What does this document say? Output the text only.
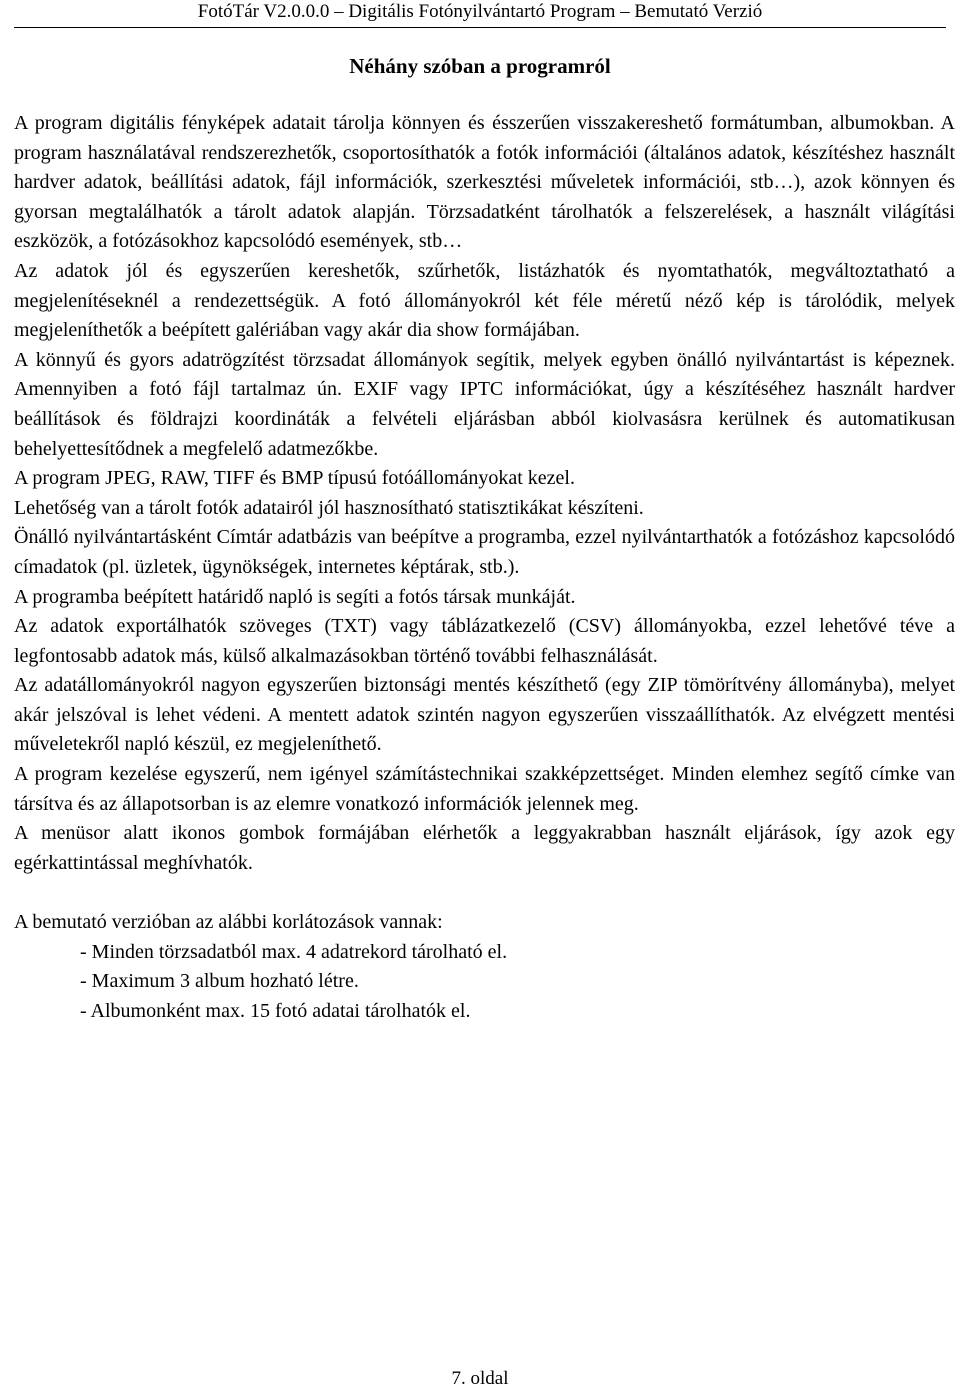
FotóTár V2.0.0.0 – Digitális Fotónyilvántartó Program – Bemutató Verzió
Néhány szóban a programról

A program digitális fényképek adatait tárolja könnyen és ésszerűen visszakereshető formátumban, albumokban. A program használatával rendszerezhetők, csoportosíthatók a fotók információi (általános adatok, készítéshez használt hardver adatok, beállítási adatok, fájl információk, szerkesztési műveletek információi, stb…), azok könnyen és gyorsan megtalálhatók a tárolt adatok alapján. Törzsadatként tárolhatók a felszerelések, a használt világítási eszközök, a fotózásokhoz kapcsolódó események, stb…

Az adatok jól és egyszerűen kereshetők, szűrhetők, listázhatók és nyomtathatók, megváltoztatható a megjelenítéseknél a rendezettségük. A fotó állományokról két féle méretű néző kép is tárolódik, melyek megjeleníthetők a beépített galériában vagy akár dia show formájában.

A könnyű és gyors adatrögzítést törzsadat állományok segítik, melyek egyben önálló nyilvántartást is képeznek. Amennyiben a fotó fájl tartalmaz ún. EXIF vagy IPTC információkat, úgy a készítéséhez használt hardver beállítások és földrajzi koordináták a felvételi eljárásban abból kiolvasásra kerülnek és automatikusan behelyettesítődnek a megfelelő adatmezőkbe.

A program JPEG, RAW, TIFF és BMP típusú fotóállományokat kezel.

Lehetőség van a tárolt fotók adatairól jól hasznosítható statisztikákat készíteni.

Önálló nyilvántartásként Címtár adatbázis van beépítve a programba, ezzel nyilvántarthatók a fotózáshoz kapcsolódó címadatok (pl. üzletek, ügynökségek, internetes képtárak, stb.).

A programba beépített határidő napló is segíti a fotós társak munkáját.

Az adatok exportálhatók szöveges (TXT) vagy táblázatkezelő (CSV) állományokba, ezzel lehetővé téve a legfontosabb adatok más, külső alkalmazásokban történő további felhasználását.

Az adatállományokról nagyon egyszerűen biztonsági mentés készíthető (egy ZIP tömörítvény állományba), melyet akár jelszóval is lehet védeni. A mentett adatok szintén nagyon egyszerűen visszaállíthatók. Az elvégzett mentési műveletekről napló készül, ez megjeleníthető.

A program kezelése egyszerű, nem igényel számítástechnikai szakképzettséget. Minden elemhez segítő címke van társítva és az állapotsorban is az elemre vonatkozó információk jelennek meg.

A menüsor alatt ikonos gombok formájában elérhetők a leggyakrabban használt eljárások, így azok egy egérkattintással meghívhatók.

A bemutató verzióban az alábbi korlátozások vannak:

- Minden törzsadatból max. 4 adatrekord tárolható el.
- Maximum 3 album hozható létre.
- Albumonként max. 15 fotó adatai tárolhatók el.
7. oldal
